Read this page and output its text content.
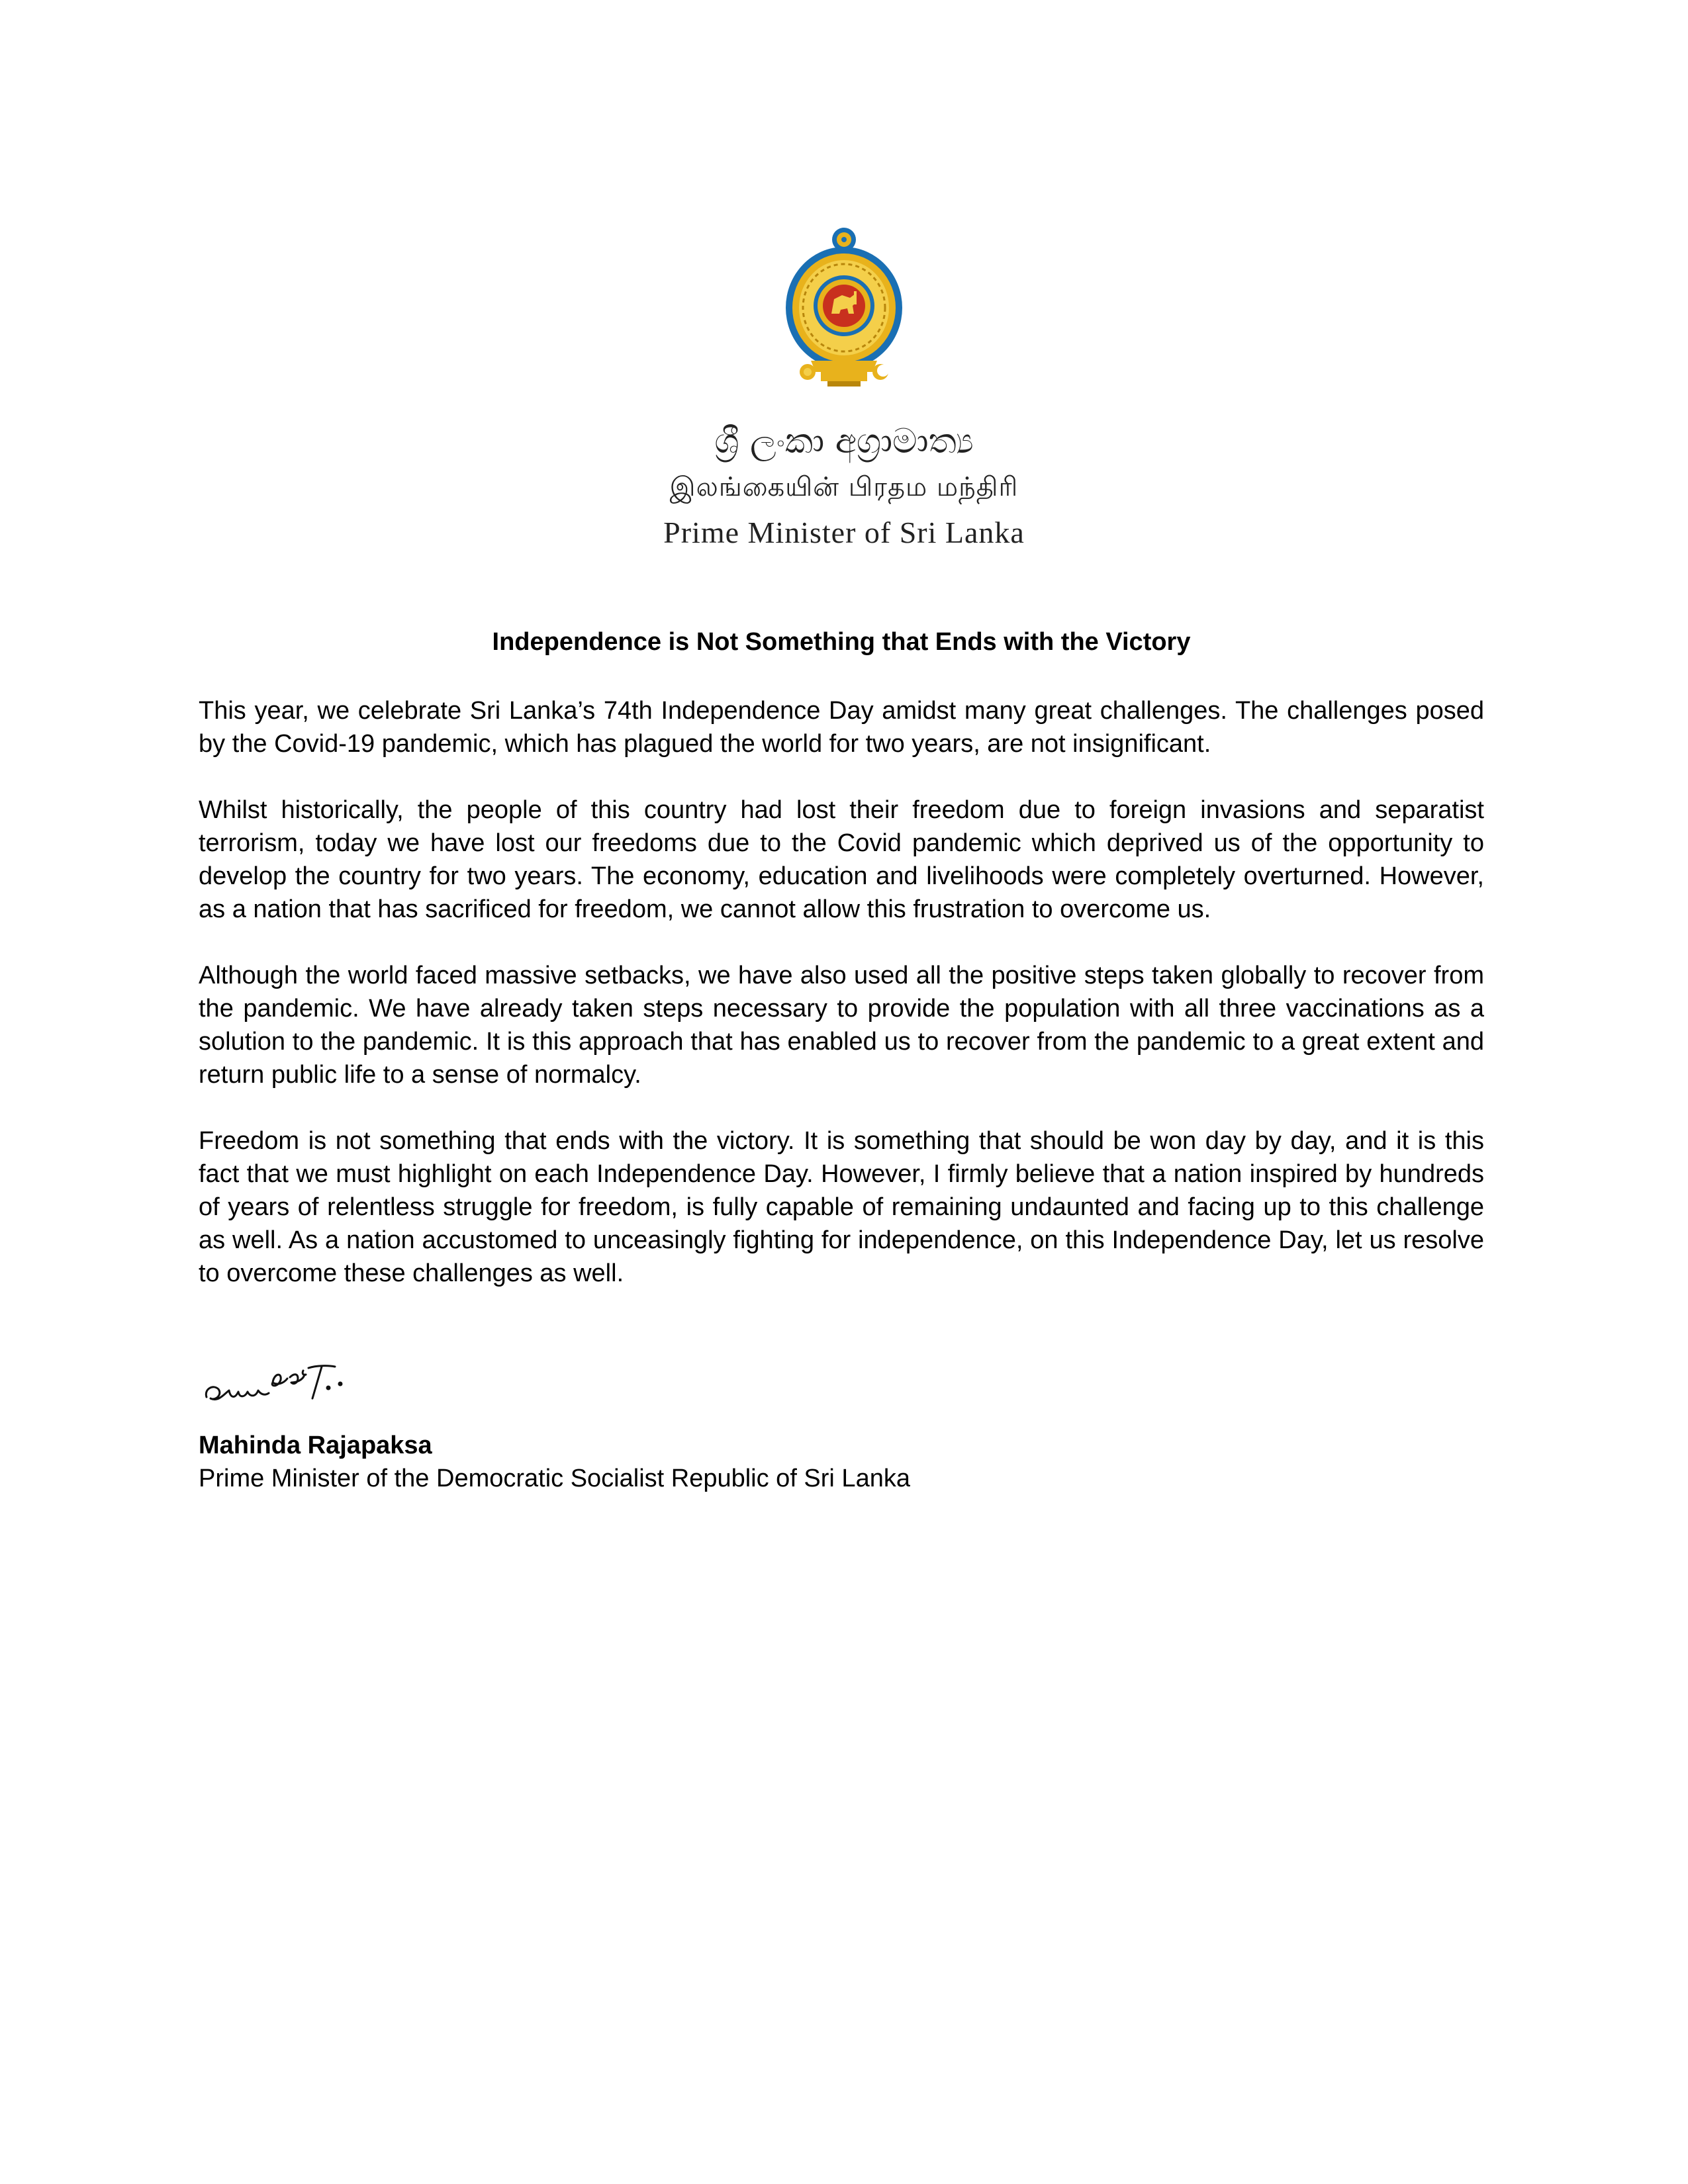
ශ්‍රී ලංකා අග්‍රාමාත්‍ය
இலங்கையின் பிரதம மந்திரி
Prime Minister of Sri Lanka
Independence is Not Something that Ends with the Victory

This year, we celebrate Sri Lanka’s 74th Independence Day amidst many great challenges. The challenges posed by the Covid-19 pandemic, which has plagued the world for two years, are not insignificant.

Whilst historically, the people of this country had lost their freedom due to foreign invasions and separatist terrorism, today we have lost our freedoms due to the Covid pandemic which deprived us of the opportunity to develop the country for two years. The economy, education and livelihoods were completely overturned. However, as a nation that has sacrificed for freedom, we cannot allow this frustration to overcome us.

Although the world faced massive setbacks, we have also used all the positive steps taken globally to recover from the pandemic. We have already taken steps necessary to provide the population with all three vaccinations as a solution to the pandemic. It is this approach that has enabled us to recover from the pandemic to a great extent and return public life to a sense of normalcy.

Freedom is not something that ends with the victory. It is something that should be won day by day, and it is this fact that we must highlight on each Independence Day. However, I firmly believe that a nation inspired by hundreds of years of relentless struggle for freedom, is fully capable of remaining undaunted and facing up to this challenge as well. As a nation accustomed to unceasingly fighting for independence, on this Independence Day, let us resolve to overcome these challenges as well.

Mahinda Rajapaksa
Prime Minister of the Democratic Socialist Republic of Sri Lanka
